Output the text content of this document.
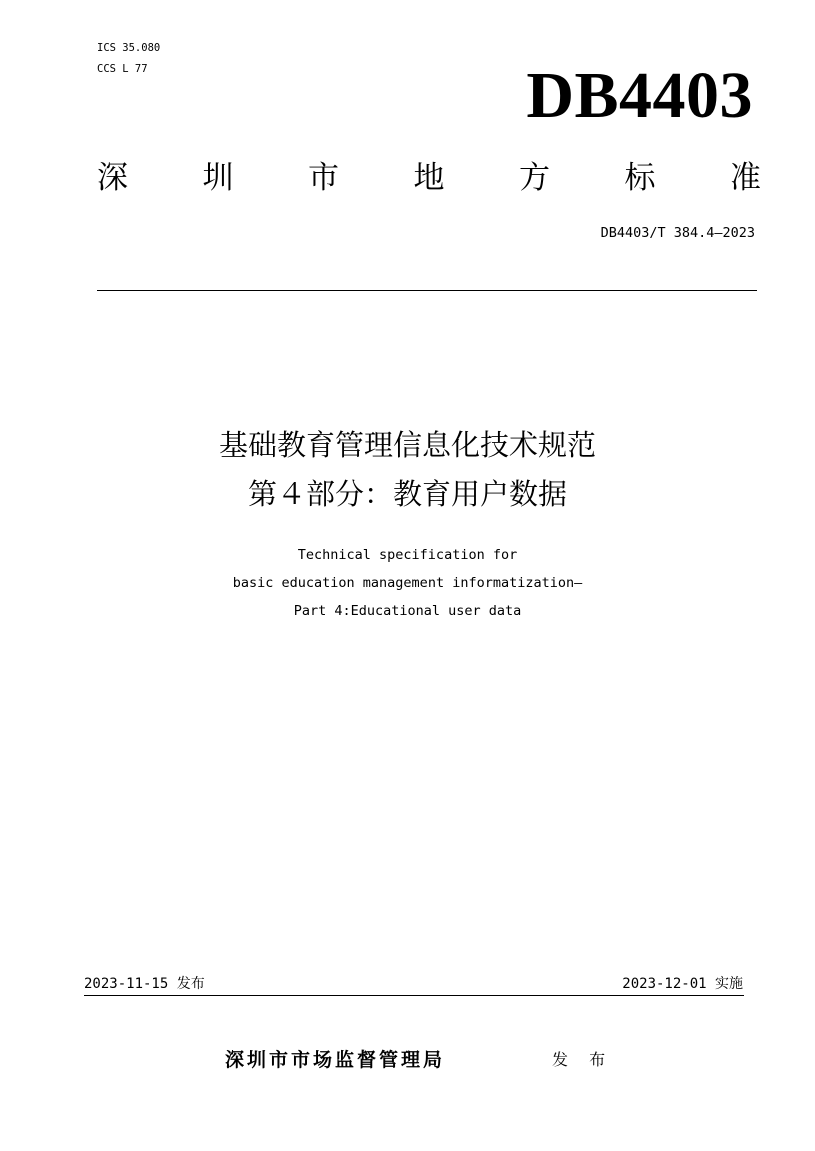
ICS 35.080
CCS L 77	DB4403
深 圳 市 地 方 标 准
DB4403/T 384.4—2023
基础教育管理信息化技术规范
第４部分：教育用户数据
Technical specification for
basic education management informatization—
Part 4:Educational user data
2023-11-15 发布	2023-12-01 实施
深圳市市场监督管理局	发 布
